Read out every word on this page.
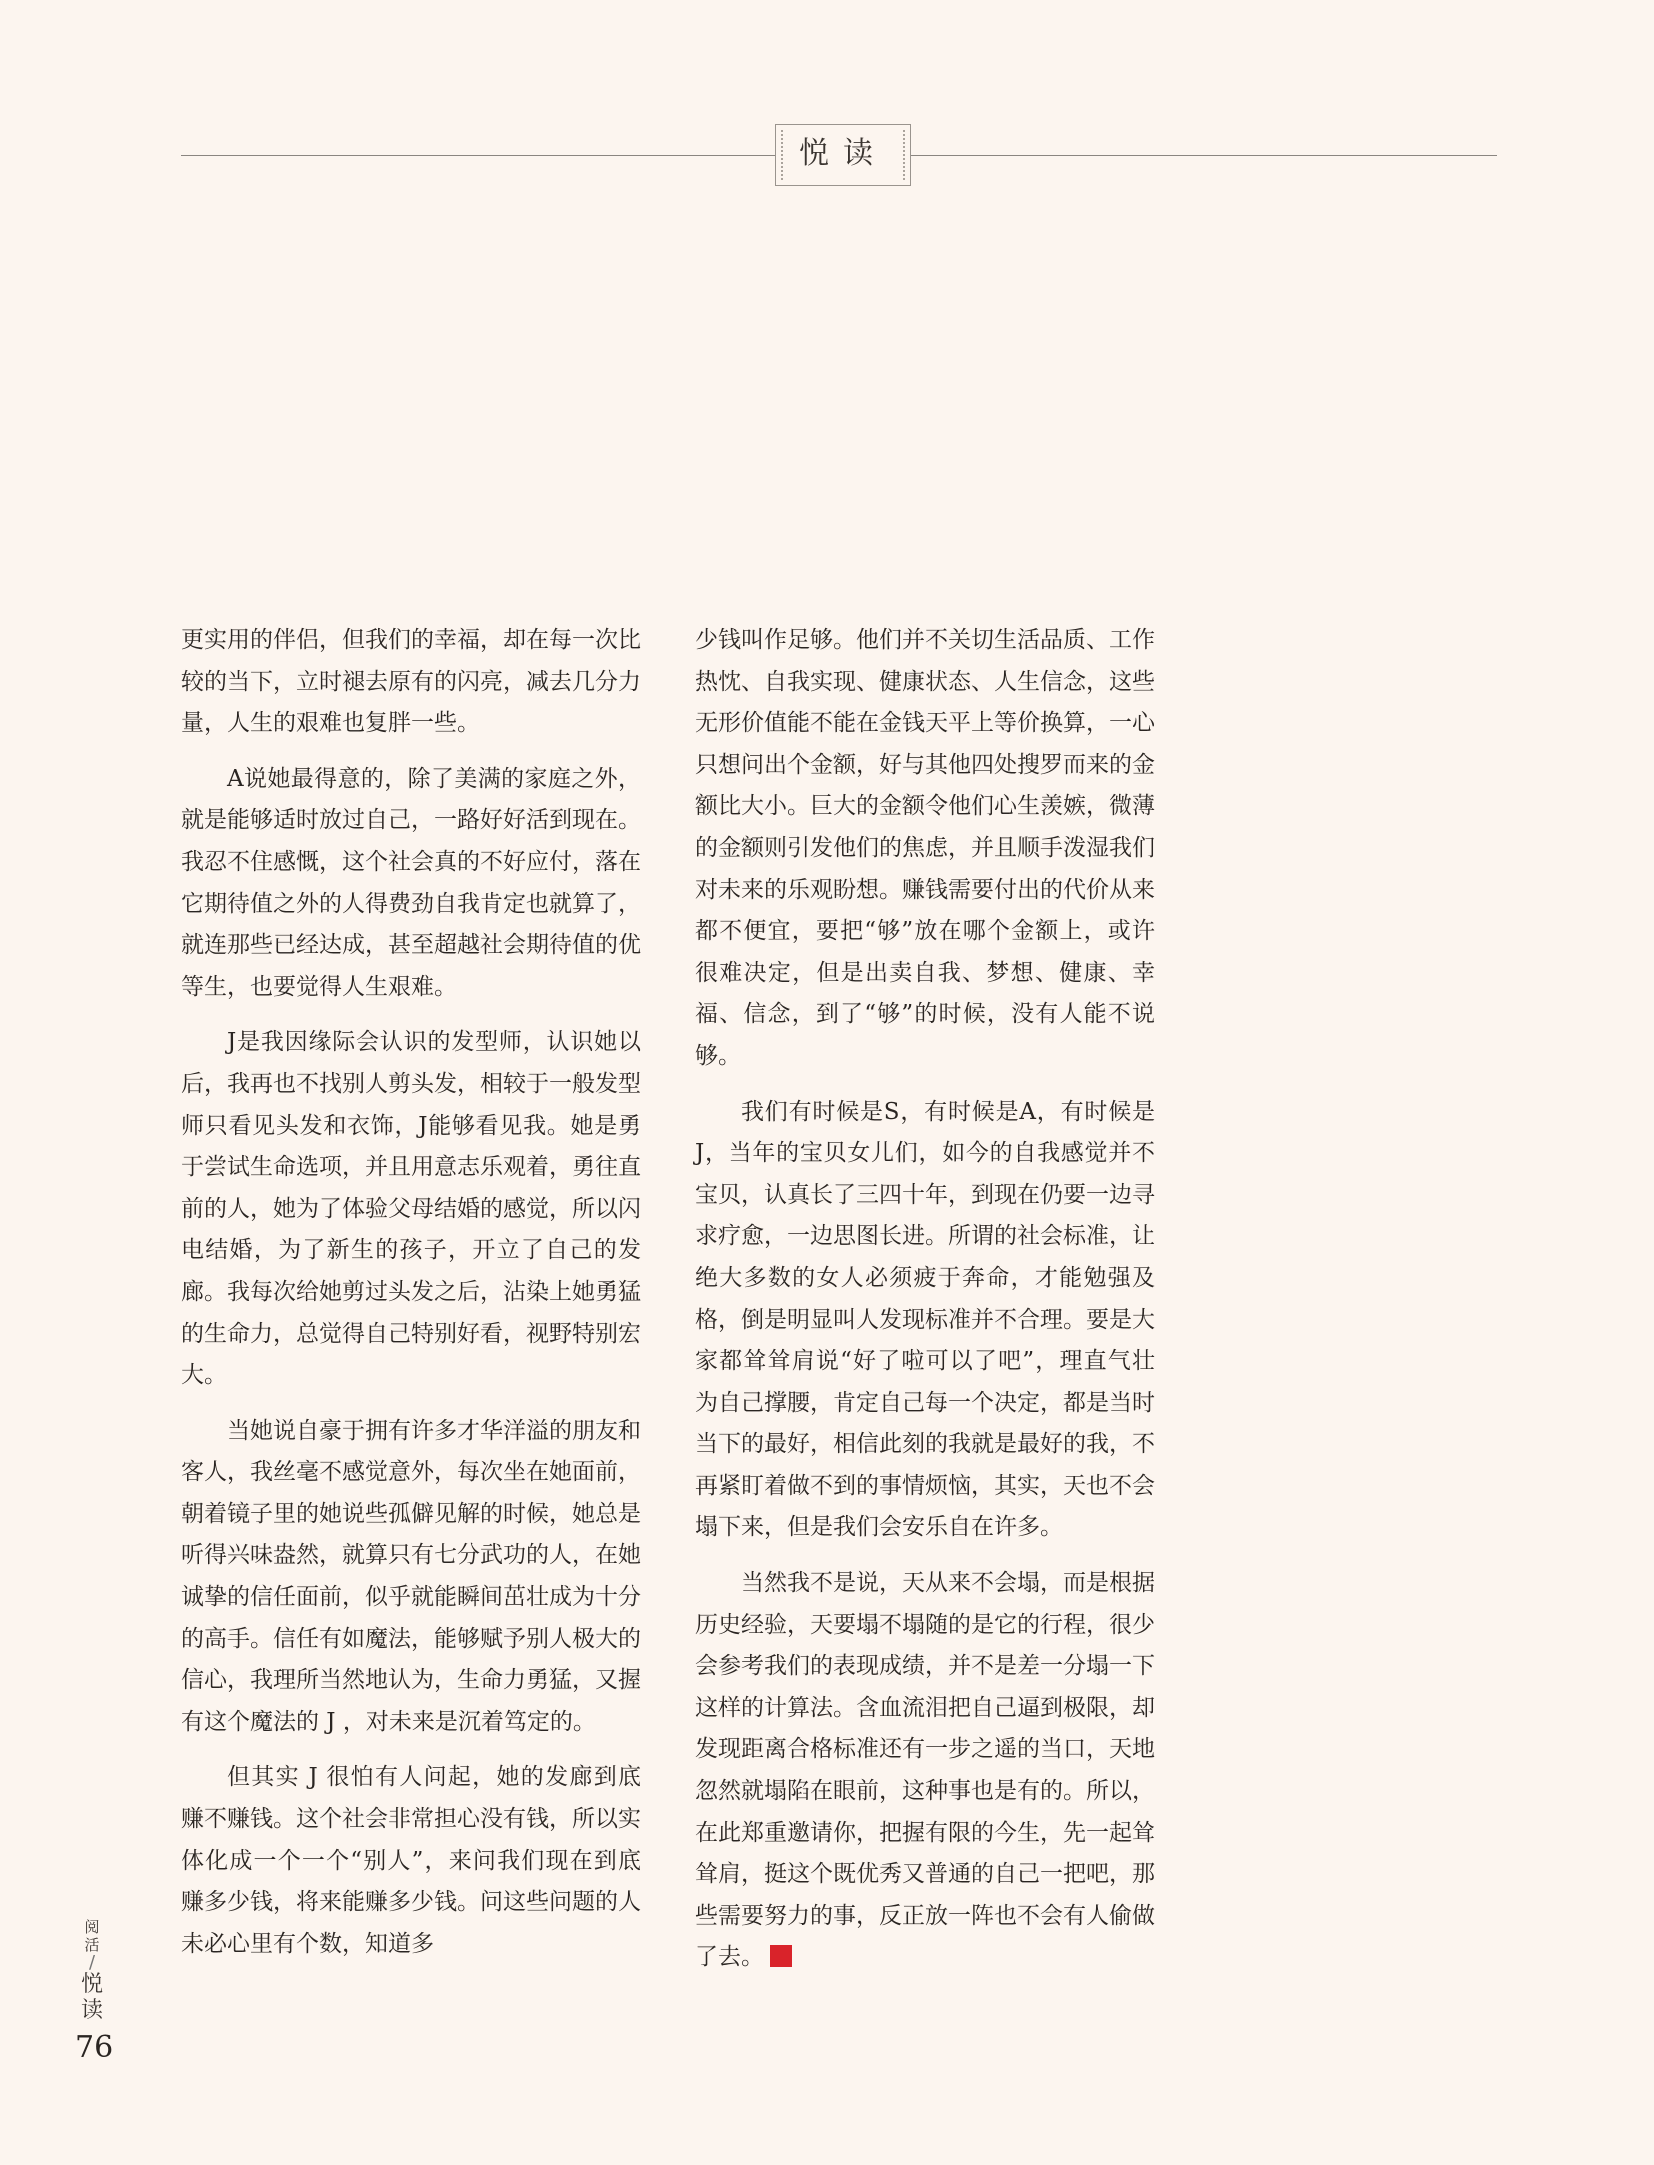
悦读

更实用的伴侣，但我们的幸福，却在每一次比较的当下，立时褪去原有的闪亮，减去几分力量，人生的艰难也复胖一些。

A说她最得意的，除了美满的家庭之外，就是能够适时放过自己，一路好好活到现在。我忍不住感慨，这个社会真的不好应付，落在它期待值之外的人得费劲自我肯定也就算了，就连那些已经达成，甚至超越社会期待值的优等生，也要觉得人生艰难。

J是我因缘际会认识的发型师，认识她以后，我再也不找别人剪头发，相较于一般发型师只看见头发和衣饰，J能够看见我。她是勇于尝试生命选项，并且用意志乐观着，勇往直前的人，她为了体验父母结婚的感觉，所以闪电结婚，为了新生的孩子，开立了自己的发廊。我每次给她剪过头发之后，沾染上她勇猛的生命力，总觉得自己特别好看，视野特别宏大。

当她说自豪于拥有许多才华洋溢的朋友和客人，我丝毫不感觉意外，每次坐在她面前，朝着镜子里的她说些孤僻见解的时候，她总是听得兴味盎然，就算只有七分武功的人，在她诚挚的信任面前，似乎就能瞬间茁壮成为十分的高手。信任有如魔法，能够赋予别人极大的信心，我理所当然地认为，生命力勇猛，又握有这个魔法的 J ，对未来是沉着笃定的。

但其实 J 很怕有人问起，她的发廊到底赚不赚钱。这个社会非常担心没有钱，所以实体化成一个一个“别人”，来问我们现在到底赚多少钱，将来能赚多少钱。问这些问题的人未必心里有个数，知道多

少钱叫作足够。他们并不关切生活品质、工作热忱、自我实现、健康状态、人生信念，这些无形价值能不能在金钱天平上等价换算，一心只想问出个金额，好与其他四处搜罗而来的金额比大小。巨大的金额令他们心生羡嫉，微薄的金额则引发他们的焦虑，并且顺手泼湿我们对未来的乐观盼想。赚钱需要付出的代价从来都不便宜，要把“够”放在哪个金额上，或许很难决定，但是出卖自我、梦想、健康、幸福、信念，到了“够”的时候，没有人能不说够。

我们有时候是S，有时候是A，有时候是J，当年的宝贝女儿们，如今的自我感觉并不宝贝，认真长了三四十年，到现在仍要一边寻求疗愈，一边思图长进。所谓的社会标准，让绝大多数的女人必须疲于奔命，才能勉强及格，倒是明显叫人发现标准并不合理。要是大家都耸耸肩说“好了啦可以了吧”，理直气壮为自己撑腰，肯定自己每一个决定，都是当时当下的最好，相信此刻的我就是最好的我，不再紧盯着做不到的事情烦恼，其实，天也不会塌下来，但是我们会安乐自在许多。

当然我不是说，天从来不会塌，而是根据历史经验，天要塌不塌随的是它的行程，很少会参考我们的表现成绩，并不是差一分塌一下这样的计算法。含血流泪把自己逼到极限，却发现距离合格标准还有一步之遥的当口，天地忽然就塌陷在眼前，这种事也是有的。所以，在此郑重邀请你，把握有限的今生，先一起耸耸肩，挺这个既优秀又普通的自己一把吧，那些需要努力的事，反正放一阵也不会有人偷做了去。

阅活
/
悦读
76
